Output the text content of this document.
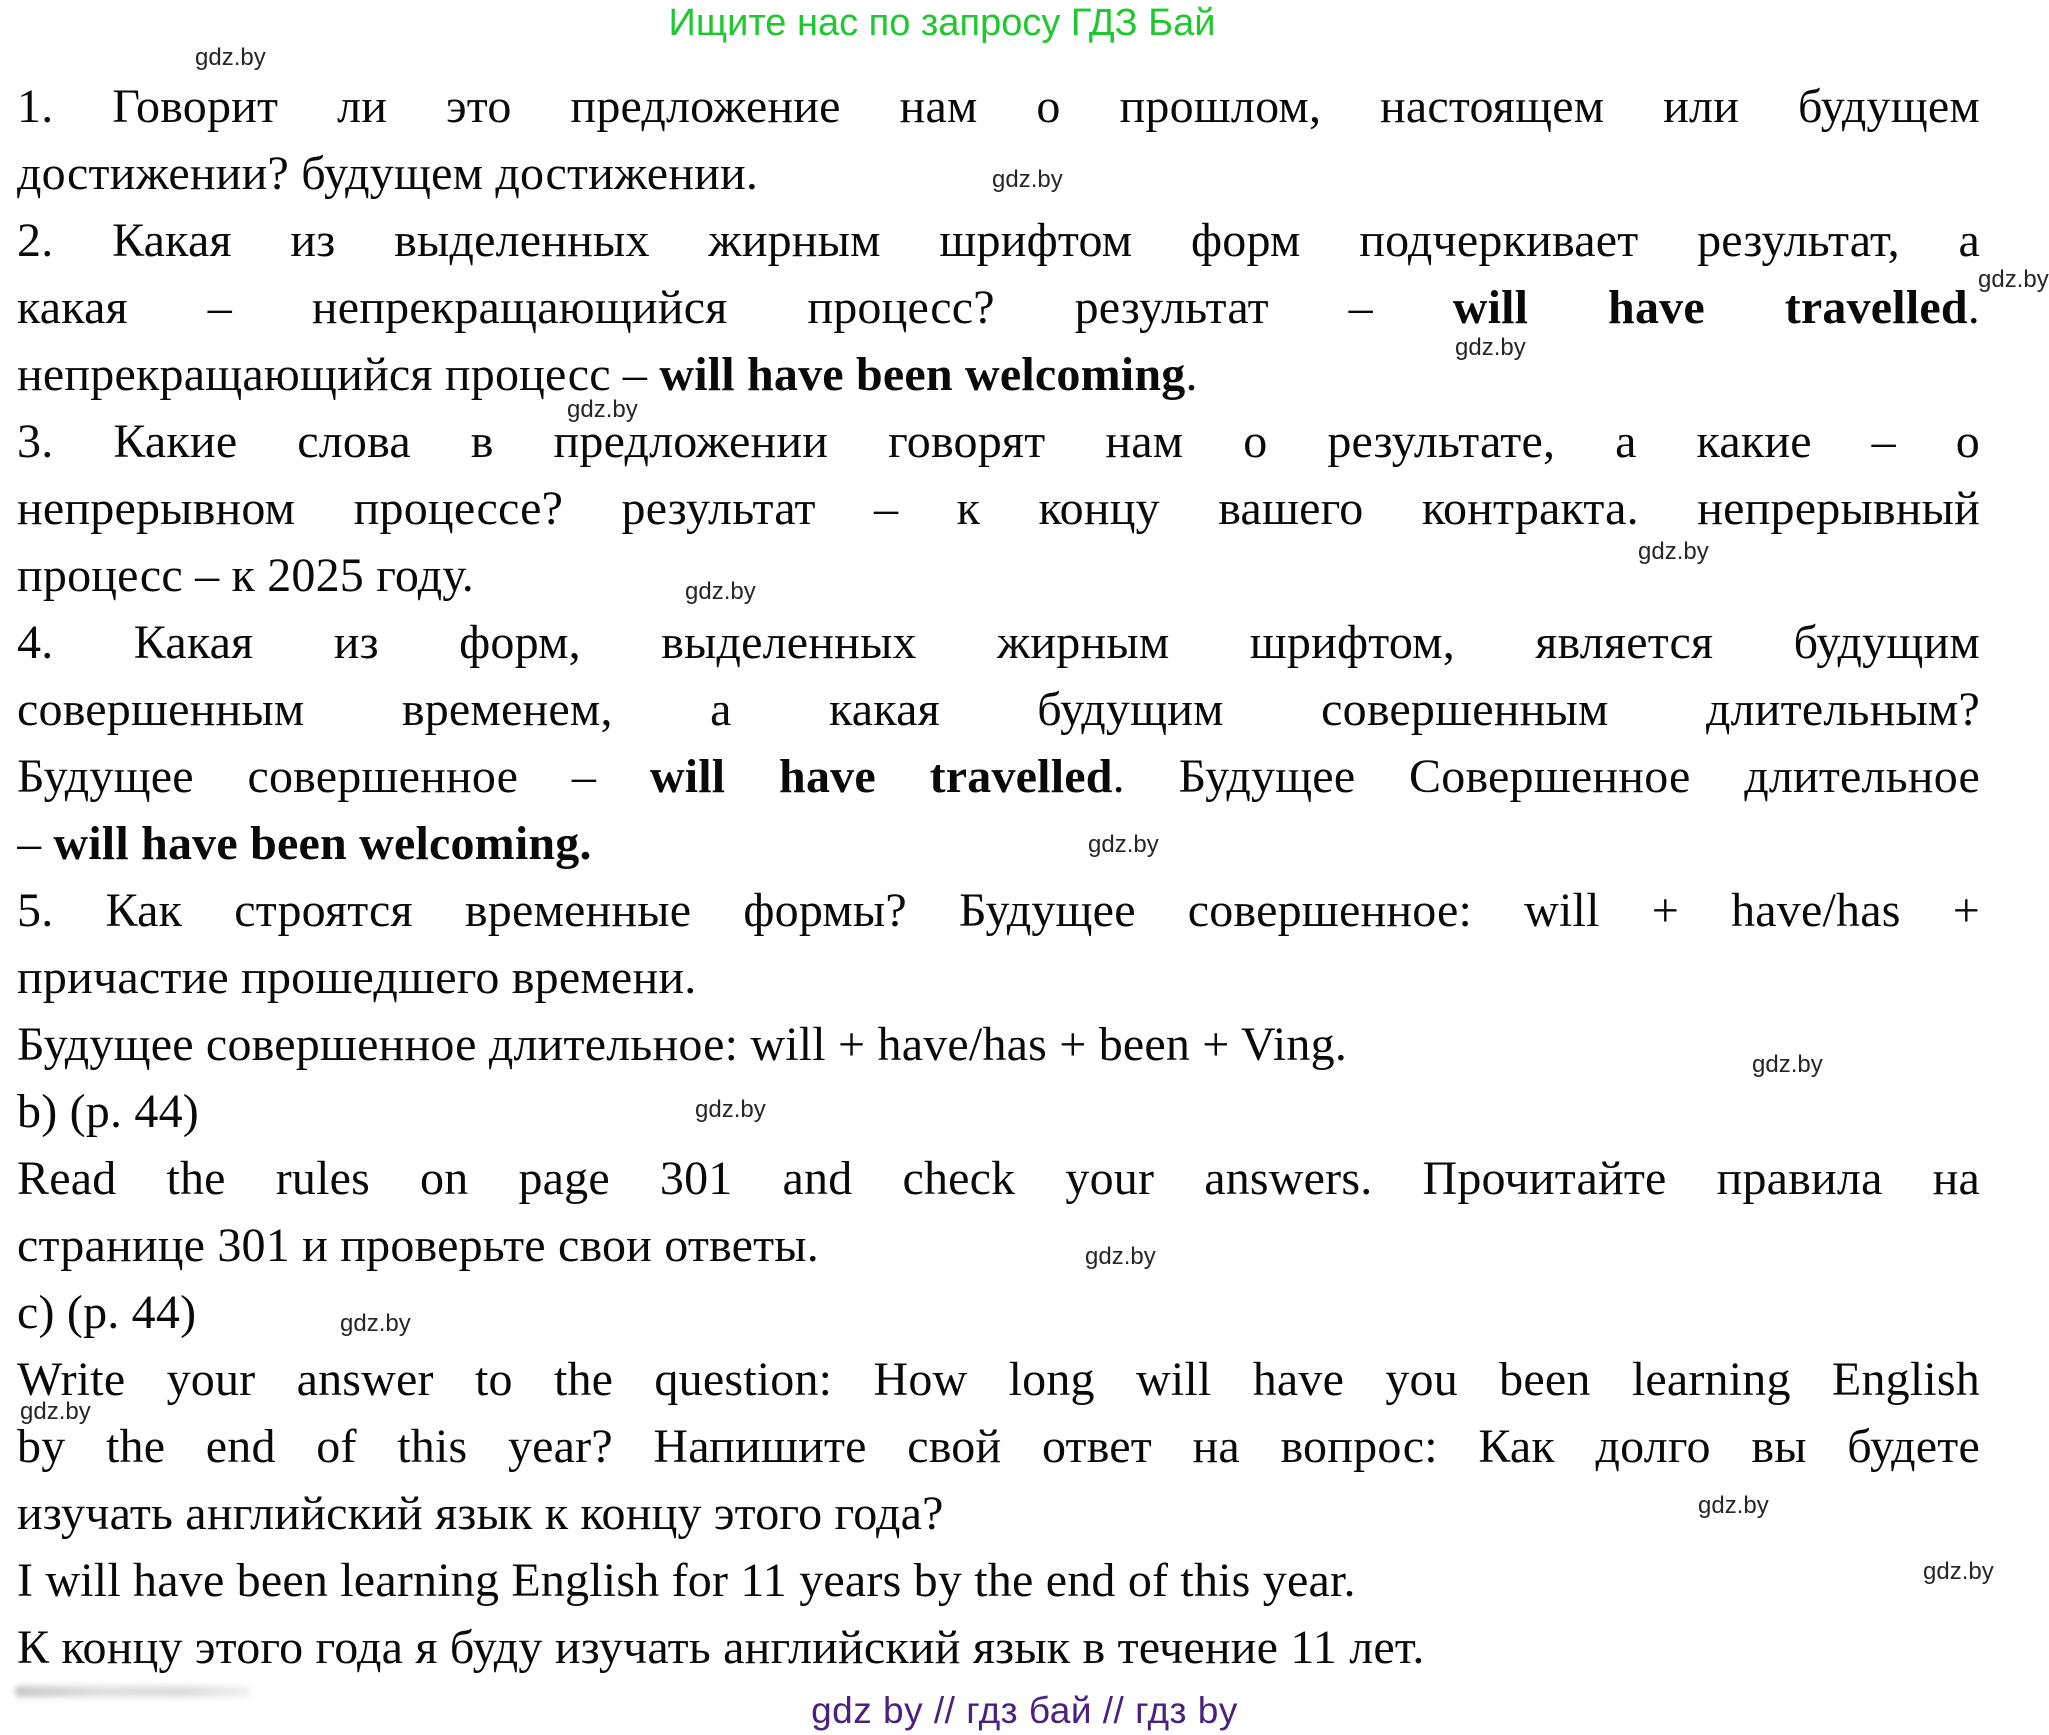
Ищите нас по запросу ГДЗ Бай
1. Говорит ли это предложение нам о прошлом, настоящем или будущем
достижении? будущем достижении.
2. Какая из выделенных жирным шрифтом форм подчеркивает результат, а
какая – непрекращающийся процесс? результат – will have travelled.
непрекращающийся процесс – will have been welcoming.
3. Какие слова в предложении говорят нам о результате, а какие – о
непрерывном процессе? результат – к концу вашего контракта. непрерывный
процесс – к 2025 году.
4. Какая из форм, выделенных жирным шрифтом, является будущим
совершенным временем, а какая будущим совершенным длительным?
Будущее совершенное – will have travelled. Будущее Совершенное длительное
– will have been welcoming.
5. Как строятся временные формы? Будущее совершенное: will + have/has +
причастие прошедшего времени.
Будущее совершенное длительное: will + have/has + been + Ving.
b) (p. 44)
Read the rules on page 301 and check your answers. Прочитайте правила на
странице 301 и проверьте свои ответы.
c) (p. 44)
Write your answer to the question: How long will have you been learning English
by the end of this year? Напишите свой ответ на вопрос: Как долго вы будете
изучать английский язык к концу этого года?
I will have been learning English for 11 years by the end of this year.
К концу этого года я буду изучать английский язык в течение 11 лет.
gdz.by
gdz.by
gdz.by
gdz.by
gdz.by
gdz.by
gdz.by
gdz.by
gdz.by
gdz.by
gdz.by
gdz.by
gdz.by
gdz.by
gdz.by
gdz by // гдз бай // гдз by
